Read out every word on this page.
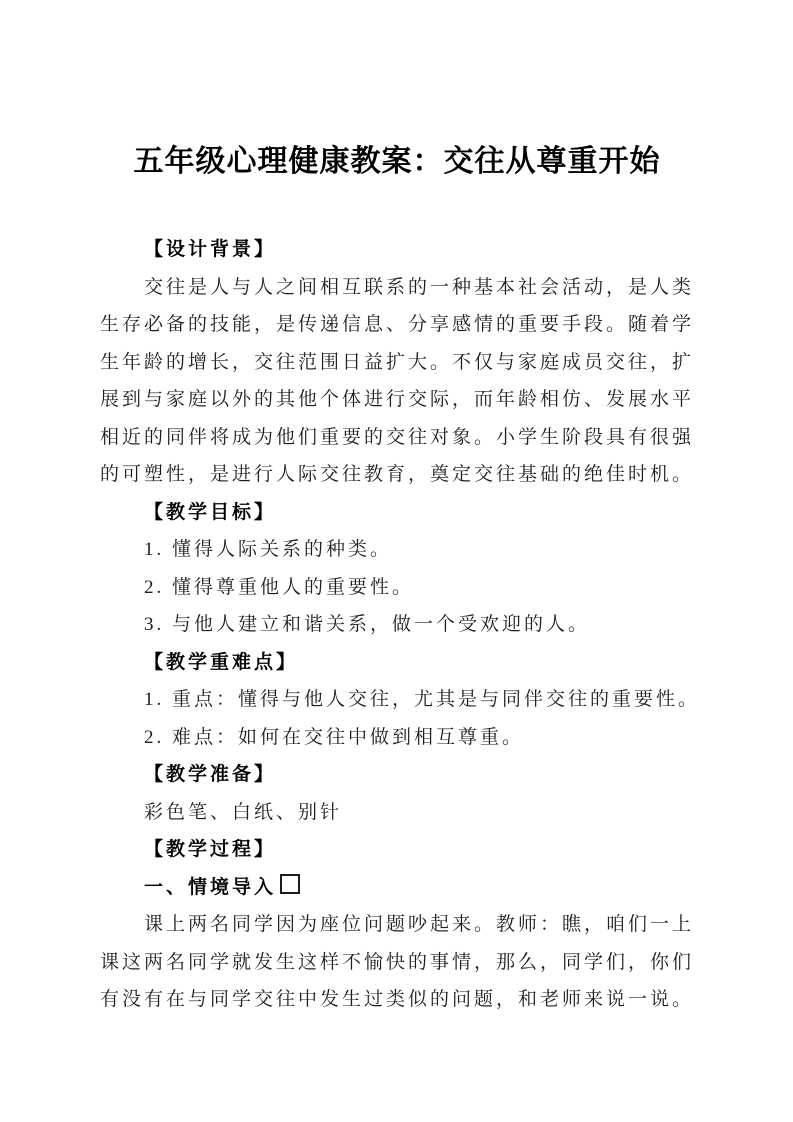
五年级心理健康教案：交往从尊重开始
【设计背景】
交往是人与人之间相互联系的一种基本社会活动，是人类
生存必备的技能，是传递信息、分享感情的重要手段。随着学
生年龄的增长，交往范围日益扩大。不仅与家庭成员交往，扩
展到与家庭以外的其他个体进行交际，而年龄相仿、发展水平
相近的同伴将成为他们重要的交往对象。小学生阶段具有很强
的可塑性，是进行人际交往教育，奠定交往基础的绝佳时机。
【教学目标】
1. 懂得人际关系的种类。
2. 懂得尊重他人的重要性。
3. 与他人建立和谐关系，做一个受欢迎的人。
【教学重难点】
1. 重点：懂得与他人交往，尤其是与同伴交往的重要性。
2. 难点：如何在交往中做到相互尊重。
【教学准备】
彩色笔、白纸、别针
【教学过程】
一、情境导入
课上两名同学因为座位问题吵起来。教师：瞧，咱们一上
课这两名同学就发生这样不愉快的事情，那么，同学们，你们
有没有在与同学交往中发生过类似的问题，和老师来说一说。
